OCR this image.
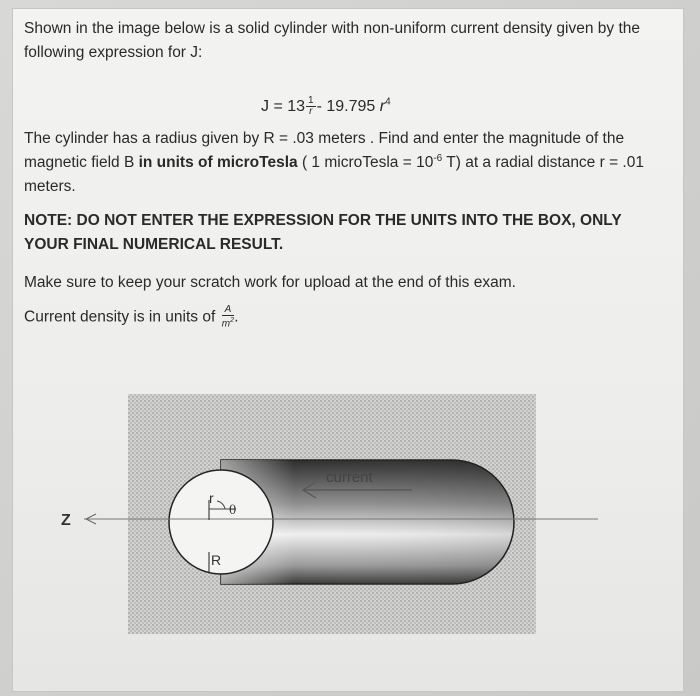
Shown in the image below is a solid cylinder with non-uniform current density given by the following expression for J:
$J = 13 \frac{1}{r} - 19.795$ $r^4$
The cylinder has a radius given by R = .03 meters . Find and enter the magnitude of the magnetic field B in units of microTesla ( 1 microTesla = $10^{-6}$ T) at a radial distance r = .01 meters.
NOTE: DO NOT ENTER THE EXPRESSION FOR THE UNITS INTO THE BOX, ONLY YOUR FINAL NUMERICAL RESULT.
Make sure to keep your scratch work for upload at the end of this exam.
Current density is in units of $\frac{A}{m^2}$ .
Z
current
r
θ
R
